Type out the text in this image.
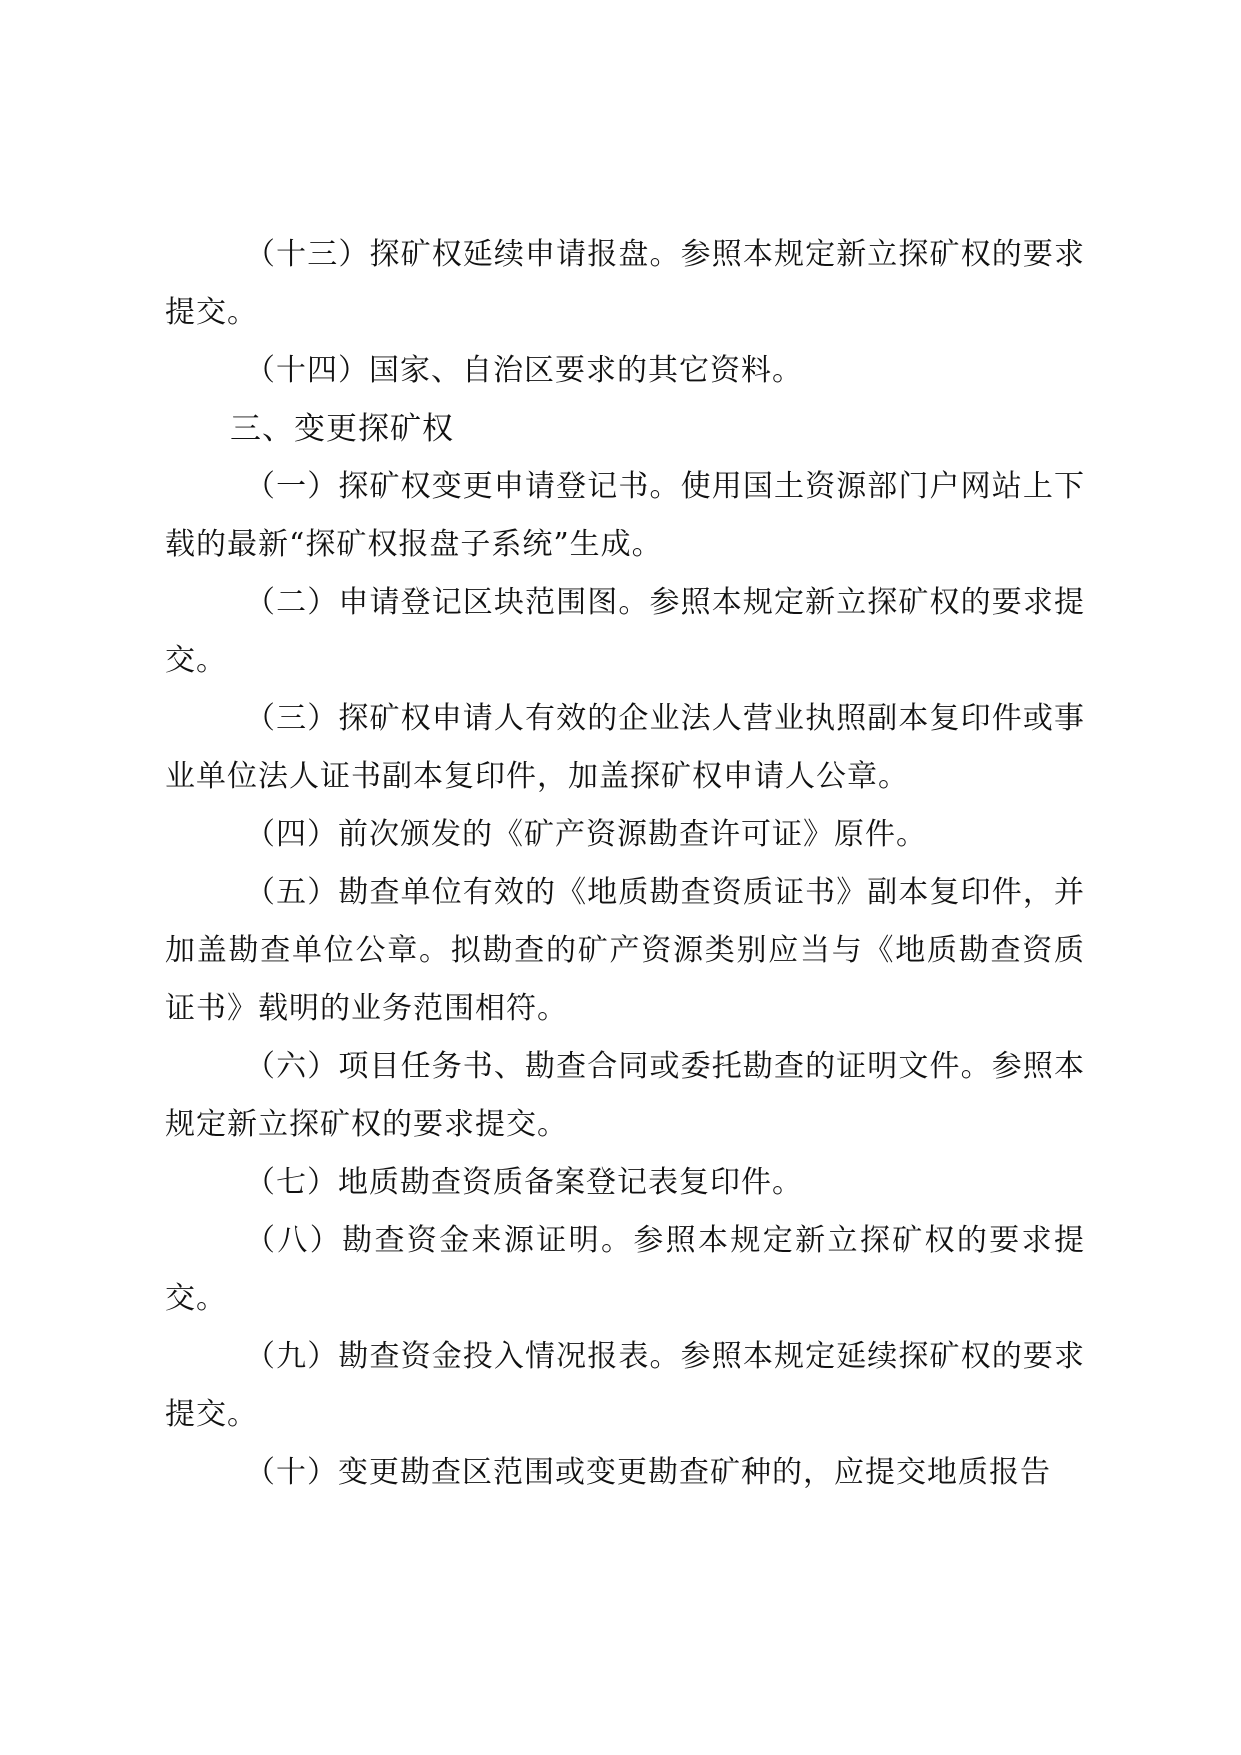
（十三）探矿权延续申请报盘。参照本规定新立探矿权的要求提交。

（十四）国家、自治区要求的其它资料。

三、变更探矿权

（一）探矿权变更申请登记书。使用国土资源部门户网站上下载的最新“探矿权报盘子系统”生成。

（二）申请登记区块范围图。参照本规定新立探矿权的要求提交。

（三）探矿权申请人有效的企业法人营业执照副本复印件或事业单位法人证书副本复印件，加盖探矿权申请人公章。

（四）前次颁发的《矿产资源勘查许可证》原件。

（五）勘查单位有效的《地质勘查资质证书》副本复印件，并加盖勘查单位公章。拟勘查的矿产资源类别应当与《地质勘查资质证书》载明的业务范围相符。

（六）项目任务书、勘查合同或委托勘查的证明文件。参照本规定新立探矿权的要求提交。

（七）地质勘查资质备案登记表复印件。

（八）勘查资金来源证明。参照本规定新立探矿权的要求提交。

（九）勘查资金投入情况报表。参照本规定延续探矿权的要求提交。

（十）变更勘查区范围或变更勘查矿种的，应提交地质报告
